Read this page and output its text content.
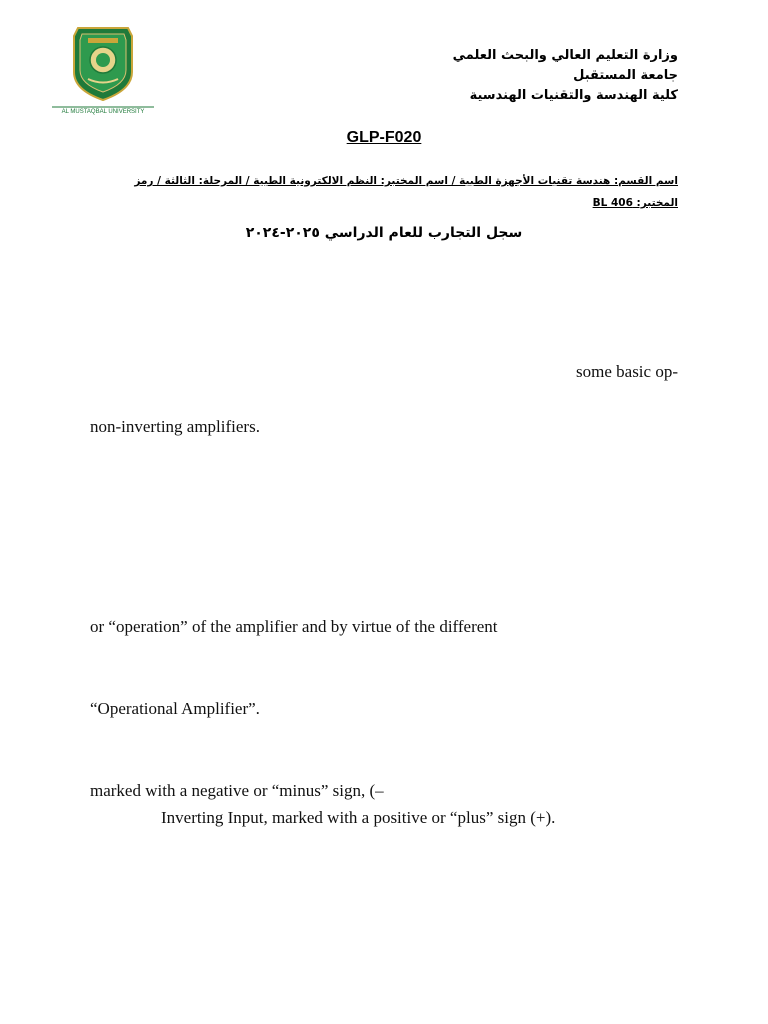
AL MUSTAQBAL UNIVERSITY
وزارة التعليم العالي والبحث العلمي
جامعة المستقبل
كلية الهندسة والتقنيات الهندسية
GLP-F020
اسم القسم: هندسة تقنيات الأجهزة الطبية / اسم المختبر: النظم الالكترونية الطبية / المرحلة: الثالثة / رمز المختبر: BL 406
سجل التجارب للعام الدراسي ٢٠٢٥-٢٠٢٤
some basic op-
non-inverting amplifiers.
or “operation” of the amplifier and by virtue of the different
“Operational Amplifier”.
marked with a negative or “minus” sign, (–
Inverting Input, marked with a positive or “plus” sign (+).
